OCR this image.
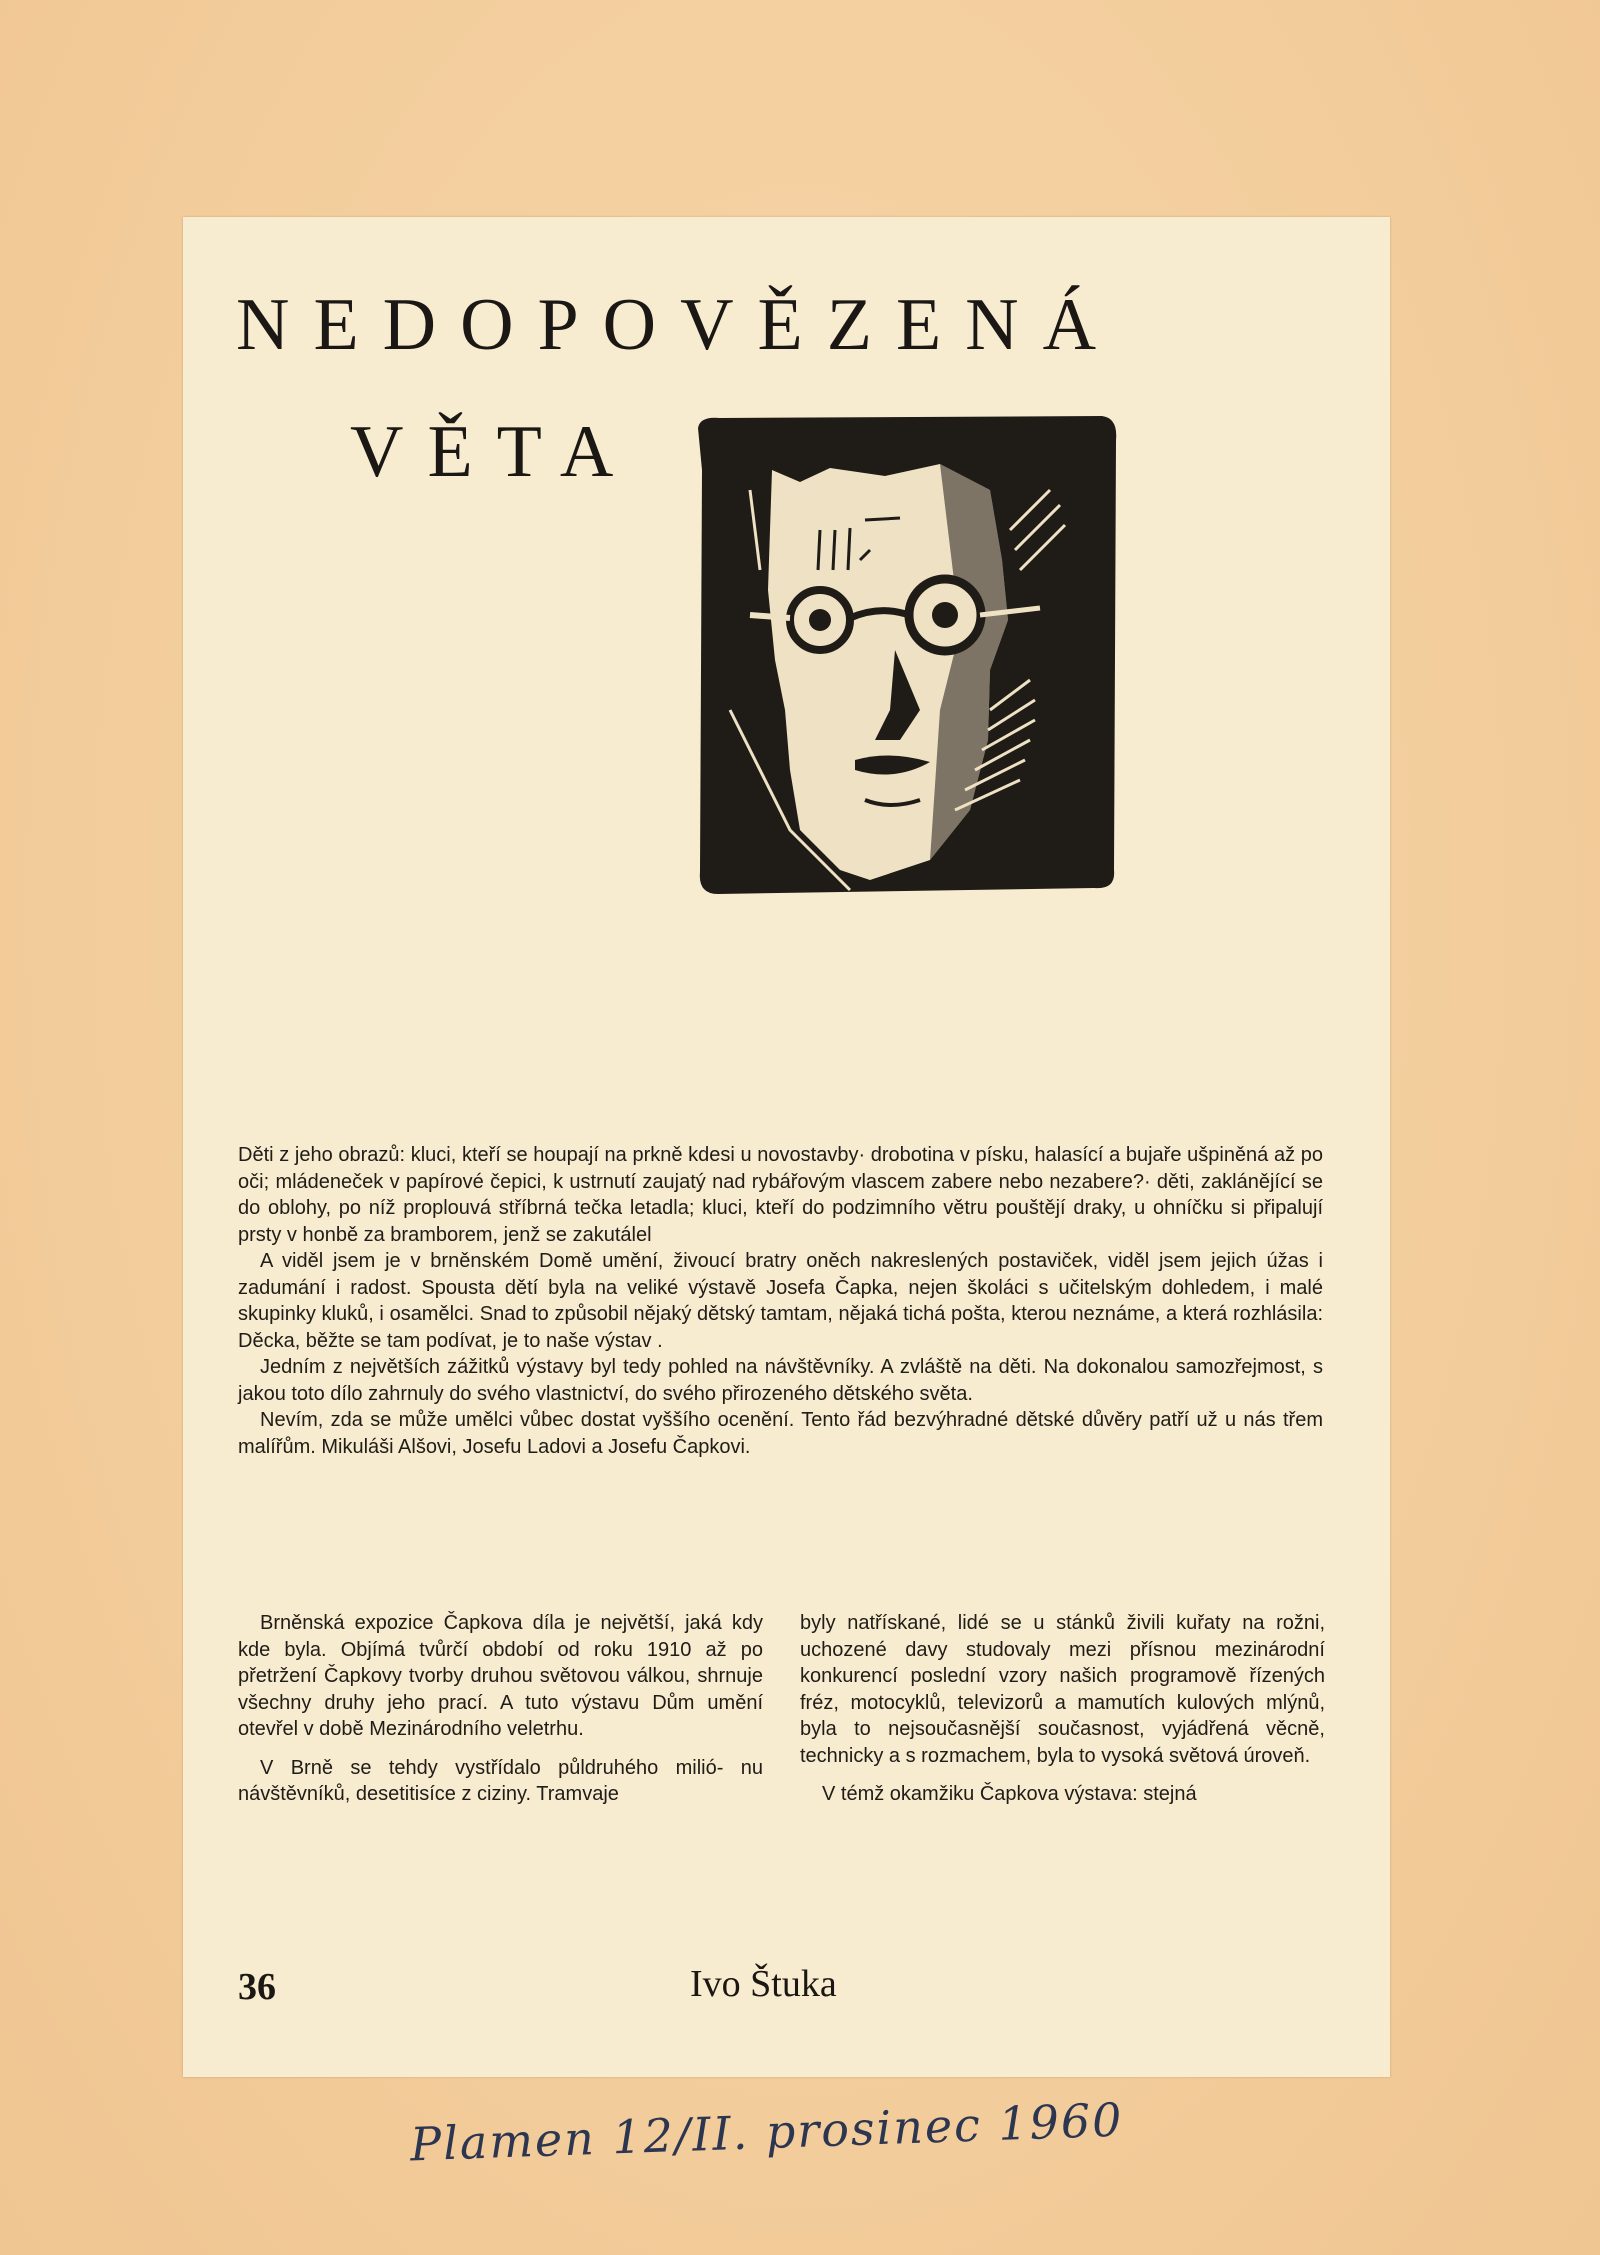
NEDOPOVĚZENÁ
VĚTA

Děti z jeho obrazů: kluci, kteří se houpají na prkně kdesi u novostavby· drobotina v písku, halasící a bujaře ušpiněná až po oči; mládeneček v papírové čepici, k ustrnutí zaujatý nad rybářovým vlascem zabere nebo nezabere?· děti, zaklánějící se do oblohy, po níž proplouvá stříbrná tečka letadla; kluci, kteří do podzimního větru pouštějí draky, u ohníčku si připalují prsty v honbě za bramborem, jenž se zakutálel

A viděl jsem je v brněnském Domě umění, živoucí bratry oněch nakreslených postaviček, viděl jsem jejich úžas i zadumání i radost. Spousta dětí byla na veliké výstavě Josefa Čapka, nejen školáci s učitelským dohledem, i malé skupinky kluků, i osamělci. Snad to způsobil nějaký dětský tamtam, nějaká tichá pošta, kterou neznáme, a která rozhlásila: Děcka, běžte se tam podívat, je to naše výstav .

Jedním z největších zážitků výstavy byl tedy pohled na návštěvníky. A zvláště na děti. Na dokonalou samozřejmost, s jakou toto dílo zahrnuly do svého vlastnictví, do svého přirozeného dětského světa.

Nevím, zda se může umělci vůbec dostat vyššího ocenění. Tento řád bezvýhradné dětské důvěry patří už u nás třem malířům. Mikuláši Alšovi, Josefu Ladovi a Josefu Čapkovi.

Brněnská expozice Čapkova díla je největší, jaká kdy kde byla. Objímá tvůrčí období od roku 1910 až po přetržení Čapkovy tvorby druhou světovou válkou, shrnuje všechny druhy jeho prací. A tuto výstavu Dům umění otevřel v době Mezinárodního veletrhu.

V Brně se tehdy vystřídalo půldruhého milió- nu návštěvníků, desetitisíce z ciziny. Tramvaje

byly natřískané, lidé se u stánků živili kuřaty na rožni, uchozené davy studovaly mezi přísnou mezinárodní konkurencí poslední vzory našich programově řízených fréz, motocyklů, televizorů a mamutích kulových mlýnů, byla to nejsoučasnější současnost, vyjádřená věcně, technicky a s rozmachem, byla to vysoká světová úroveň.

V témž okamžiku Čapkova výstava: stejná

36	Ivo Štuka
Plamen 12/II. prosinec 1960
